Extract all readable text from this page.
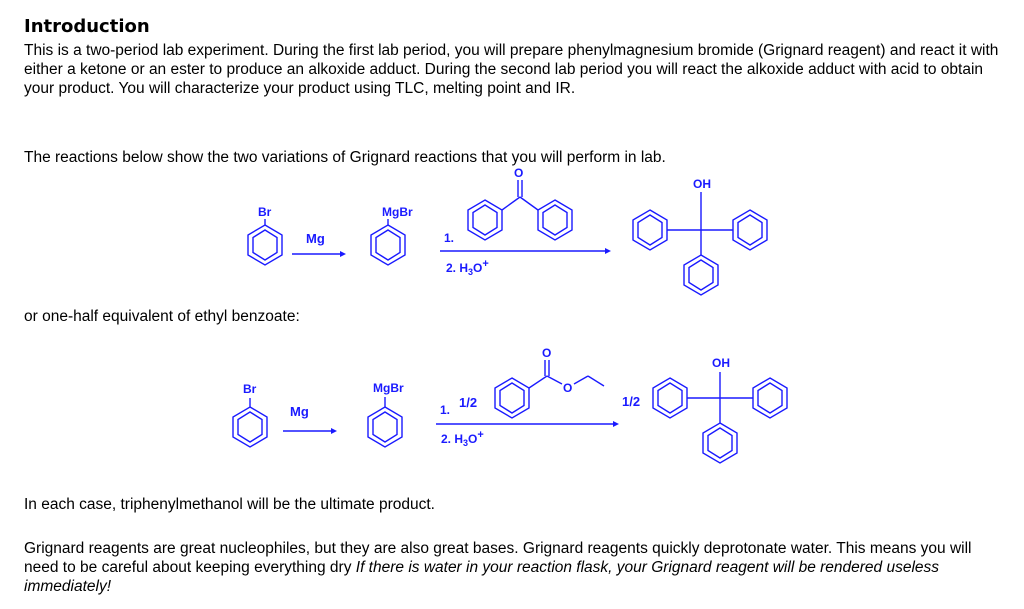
Introduction

This is a two-period lab experiment. During the first lab period, you will prepare phenylmagnesium bromide (Grignard reagent) and react it with either a ketone or an ester to produce an alkoxide adduct. During the second lab period you will react the alkoxide adduct with acid to obtain your product. You will characterize your product using TLC, melting point and IR.

The reactions below show the two variations of Grignard reactions that you will perform in lab.

Br
Mg
MgBr
O
1.
2. $H_3O+$
OH

or one-half equivalent of ethyl benzoate:

Br
Mg
MgBr
O
O
1. 1/2
2. $H_3O+$
1/2
OH

In each case, triphenylmethanol will be the ultimate product.

Grignard reagents are great nucleophiles, but they are also great bases. Grignard reagents quickly deprotonate water. This means you will need to be careful about keeping everything dry If there is water in your reaction flask, your Grignard reagent will be rendered useless immediately!
